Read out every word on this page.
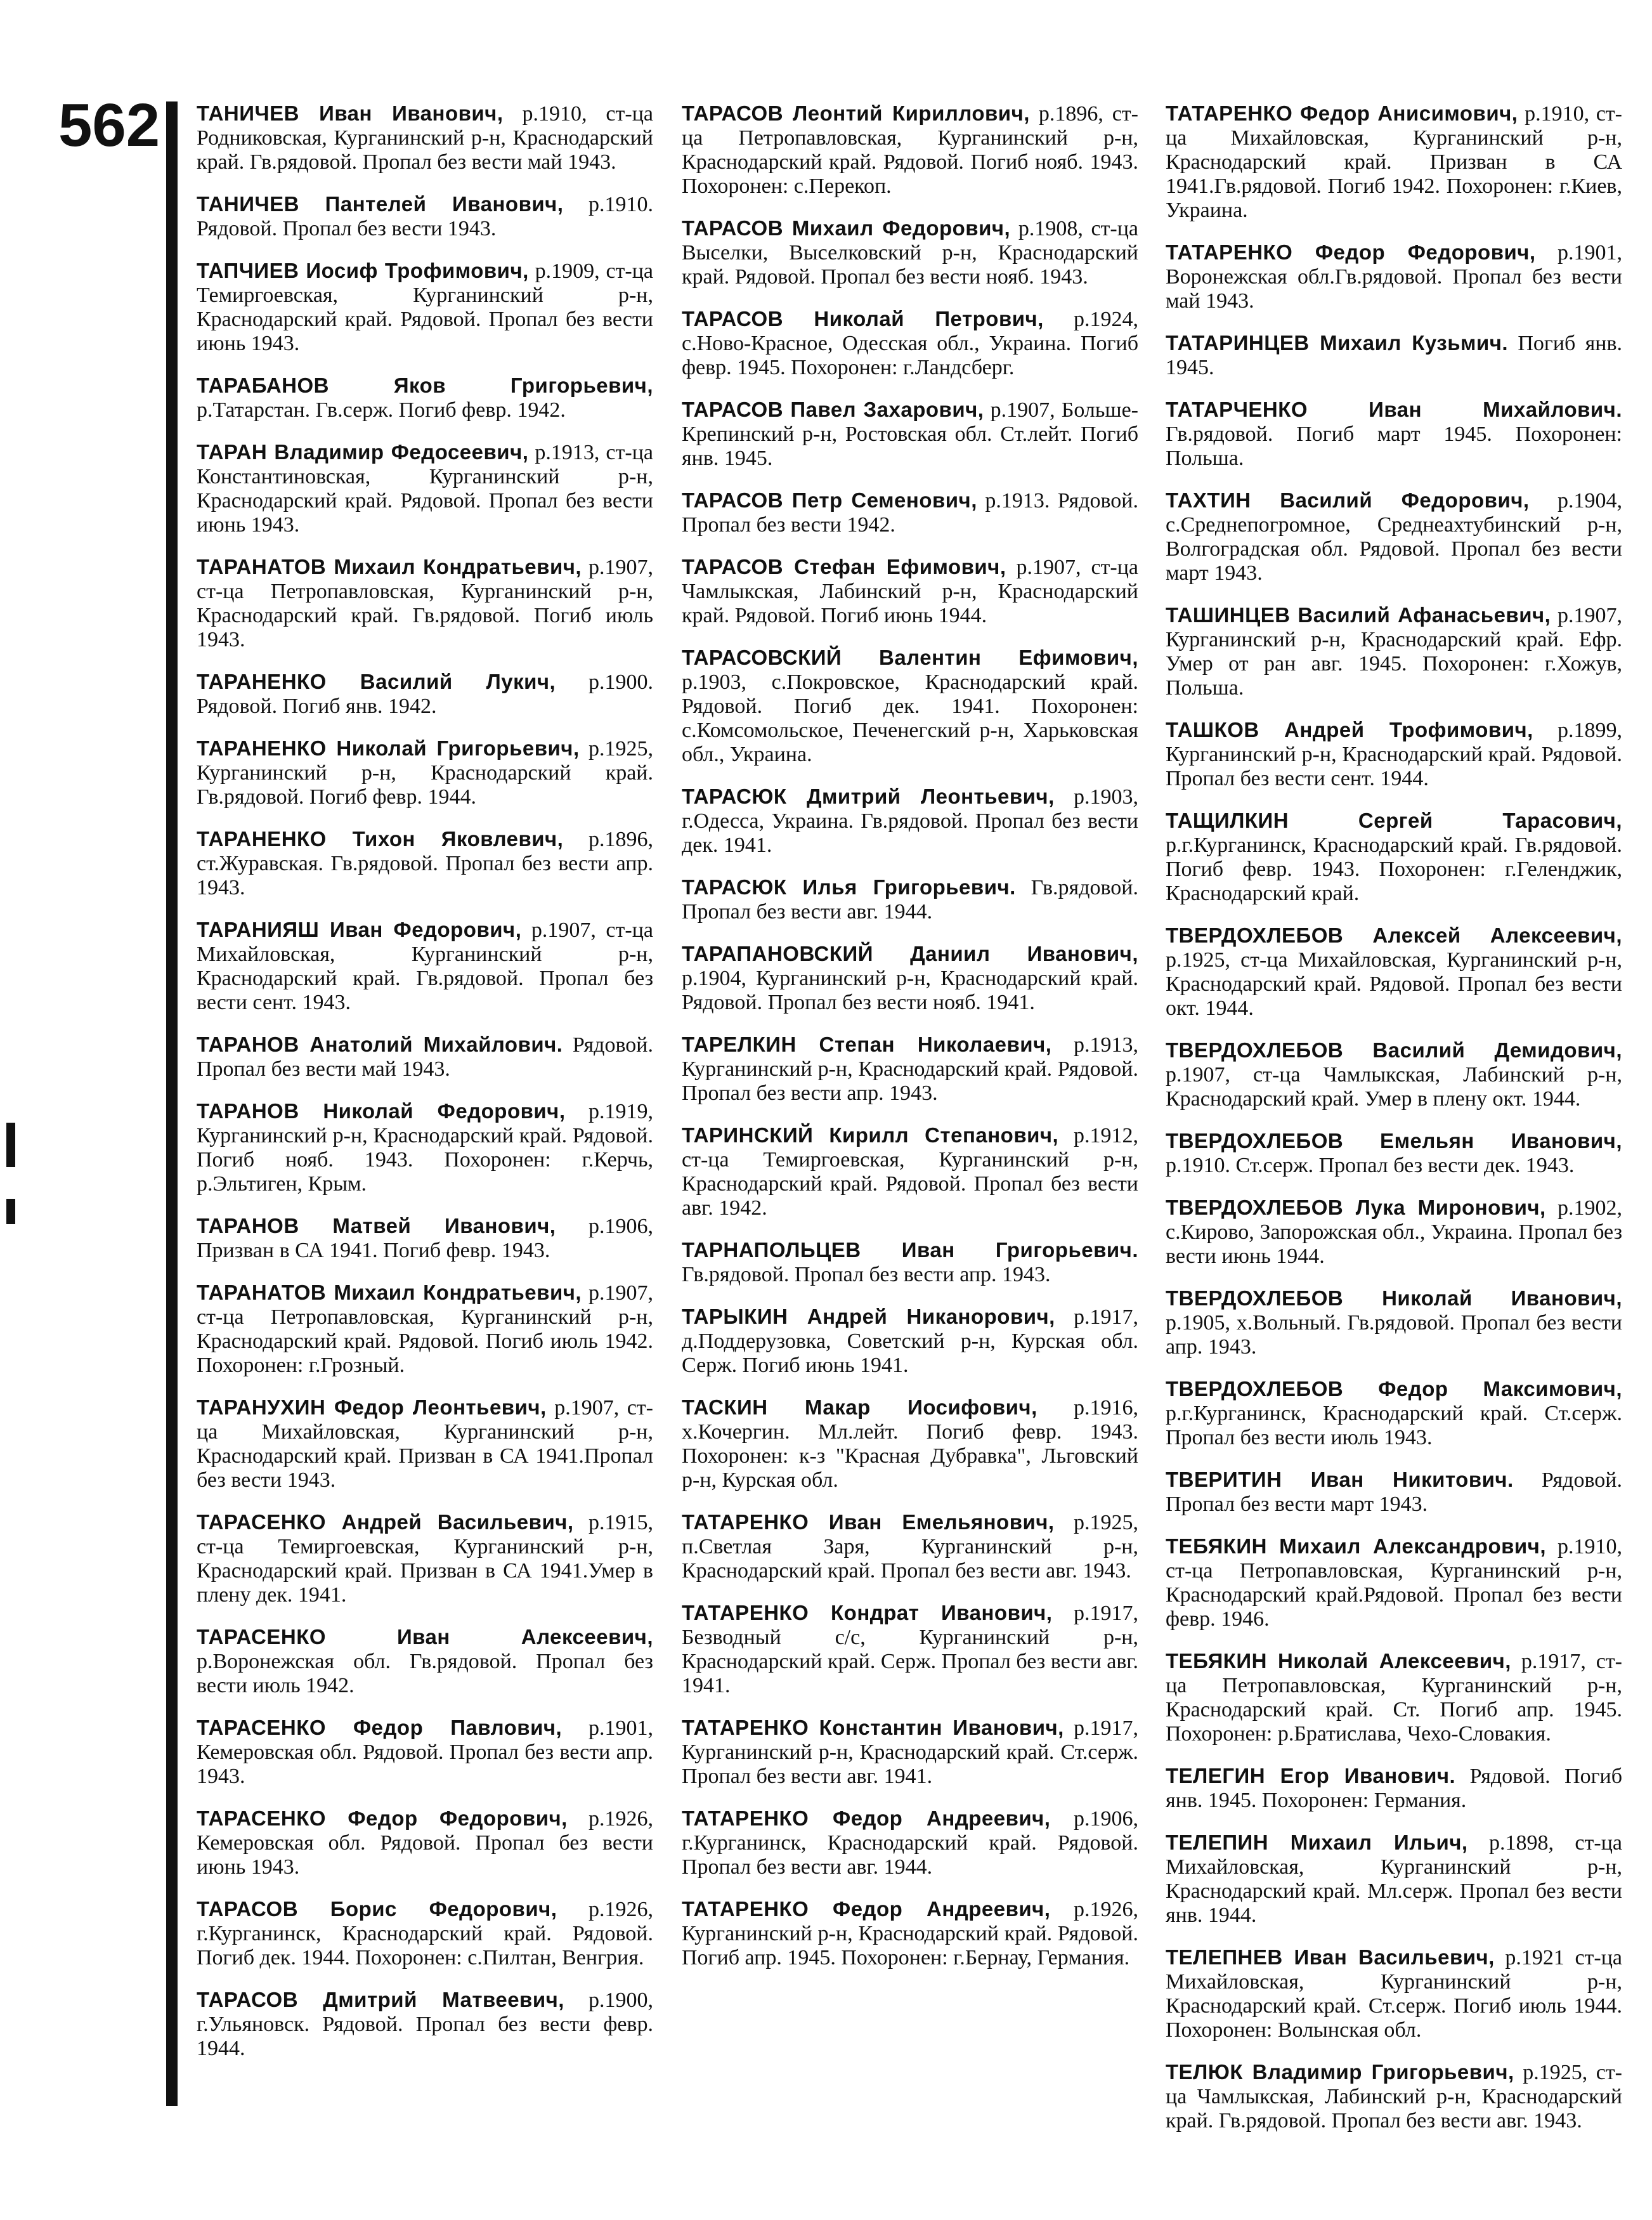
562 ТАНИЧЕВ Иван Иванович, р.1910, ст-ца Родниковская, Курганинский р-н, Краснодарский край. Гв.рядовой. Пропал без вести май 1943.

ТАНИЧЕВ Пантелей Иванович, р.1910. Рядовой. Пропал без вести 1943.

ТАПЧИЕВ Иосиф Трофимович, р.1909, ст-ца Темиргоевская, Курганинский р-н, Краснодарский край. Рядовой. Пропал без вести июнь 1943.

ТАРАБАНОВ Яков Григорьевич, р.Татарстан. Гв.серж. Погиб февр. 1942.

ТАРАН Владимир Федосеевич, р.1913, ст-ца Константиновская, Курганинский р-н, Краснодарский край. Рядовой. Пропал без вести июнь 1943.

ТАРАНАТОВ Михаил Кондратьевич, р.1907, ст-ца Петропавловская, Курганинский р-н, Краснодарский край. Гв.рядовой. Погиб июль 1943.

ТАРАНЕНКО Василий Лукич, р.1900. Рядовой. Погиб янв. 1942.

ТАРАНЕНКО Николай Григорьевич, р.1925, Курганинский р-н, Краснодарский край. Гв.рядовой. Погиб февр. 1944.

ТАРАНЕНКО Тихон Яковлевич, р.1896, ст.Журавская. Гв.рядовой. Пропал без вести апр. 1943.

ТАРАНИЯШ Иван Федорович, р.1907, ст-ца Михайловская, Курганинский р-н, Краснодарский край. Гв.рядовой. Пропал без вести сент. 1943.

ТАРАНОВ Анатолий Михайлович. Рядовой. Пропал без вести май 1943.

ТАРАНОВ Николай Федорович, р.1919, Курганинский р-н, Краснодарский край. Рядовой. Погиб нояб. 1943. Похоронен: г.Керчь, р.Эльтиген, Крым.

ТАРАНОВ Матвей Иванович, р.1906, Призван в СА 1941. Погиб февр. 1943.

ТАРАНАТОВ Михаил Кондратьевич, р.1907, ст-ца Петропавловская, Курганинский р-н, Краснодарский край. Рядовой. Погиб июль 1942. Похоронен: г.Грозный.

ТАРАНУХИН Федор Леонтьевич, р.1907, ст-ца Михайловская, Курганинский р-н, Краснодарский край. Призван в СА 1941.Пропал без вести 1943.

ТАРАСЕНКО Андрей Васильевич, р.1915, ст-ца Темиргоевская, Курганинский р-н, Краснодарский край. Призван в СА 1941.Умер в плену дек. 1941.

ТАРАСЕНКО Иван Алексеевич, р.Воронежская обл. Гв.рядовой. Пропал без вести июль 1942.

ТАРАСЕНКО Федор Павлович, р.1901, Кемеровская обл. Рядовой. Пропал без вести апр. 1943.

ТАРАСЕНКО Федор Федорович, р.1926, Кемеровская обл. Рядовой. Пропал без вести июнь 1943.

ТАРАСОВ Борис Федорович, р.1926, г.Курганинск, Краснодарский край. Рядовой. Погиб дек. 1944. Похоронен: с.Пилтан, Венгрия.

ТАРАСОВ Дмитрий Матвеевич, р.1900, г.Ульяновск. Рядовой. Пропал без вести февр. 1944.

ТАРАСОВ Леонтий Кириллович, р.1896, ст-ца Петропавловская, Курганинский р-н, Краснодарский край. Рядовой. Погиб нояб. 1943. Похоронен: с.Перекоп.

ТАРАСОВ Михаил Федорович, р.1908, ст-ца Выселки, Выселковский р-н, Краснодарский край. Рядовой. Пропал без вести нояб. 1943.

ТАРАСОВ Николай Петрович, р.1924, с.Ново-Красное, Одесская обл., Украина. Погиб февр. 1945. Похоронен: г.Ландсберг.

ТАРАСОВ Павел Захарович, р.1907, Больше-Крепинский р-н, Ростовская обл. Ст.лейт. Погиб янв. 1945.

ТАРАСОВ Петр Семенович, р.1913. Рядовой. Пропал без вести 1942.

ТАРАСОВ Стефан Ефимович, р.1907, ст-ца Чамлыкская, Лабинский р-н, Краснодарский край. Рядовой. Погиб июнь 1944.

ТАРАСОВСКИЙ Валентин Ефимович, р.1903, с.Покровское, Краснодарский край. Рядовой. Погиб дек. 1941. Похоронен: с.Комсомольское, Печенегский р-н, Харьковская обл., Украина.

ТАРАСЮК Дмитрий Леонтьевич, р.1903, г.Одесса, Украина. Гв.рядовой. Пропал без вести дек. 1941.

ТАРАСЮК Илья Григорьевич. Гв.рядовой. Пропал без вести авг. 1944.

ТАРАПАНОВСКИЙ Даниил Иванович, р.1904, Курганинский р-н, Краснодарский край. Рядовой. Пропал без вести нояб. 1941.

ТАРЕЛКИН Степан Николаевич, р.1913, Курганинский р-н, Краснодарский край. Рядовой. Пропал без вести апр. 1943.

ТАРИНСКИЙ Кирилл Степанович, р.1912, ст-ца Темиргоевская, Курганинский р-н, Краснодарский край. Рядовой. Пропал без вести авг. 1942.

ТАРНАПОЛЬЦЕВ Иван Григорьевич. Гв.рядовой. Пропал без вести апр. 1943.

ТАРЫКИН Андрей Никанорович, р.1917, д.Поддерузовка, Советский р-н, Курская обл. Серж. Погиб июнь 1941.

ТАСКИН Макар Иосифович, р.1916, х.Кочергин. Мл.лейт. Погиб февр. 1943. Похоронен: к-з "Красная Дубравка", Льговский р-н, Курская обл.

ТАТАРЕНКО Иван Емельянович, р.1925, п.Светлая Заря, Курганинский р-н, Краснодарский край. Пропал без вести авг. 1943.

ТАТАРЕНКО Кондрат Иванович, р.1917, Безводный с/с, Курганинский р-н, Краснодарский край. Серж. Пропал без вести авг. 1941.

ТАТАРЕНКО Константин Иванович, р.1917, Курганинский р-н, Краснодарский край. Ст.серж. Пропал без вести авг. 1941.

ТАТАРЕНКО Федор Андреевич, р.1906, г.Курганинск, Краснодарский край. Рядовой. Пропал без вести авг. 1944.

ТАТАРЕНКО Федор Андреевич, р.1926, Курганинский р-н, Краснодарский край. Рядовой. Погиб апр. 1945. Похоронен: г.Бернау, Германия.

ТАТАРЕНКО Федор Анисимович, р.1910, ст-ца Михайловская, Курганинский р-н, Краснодарский край. Призван в СА 1941.Гв.рядовой. Погиб 1942. Похоронен: г.Киев, Украина.

ТАТАРЕНКО Федор Федорович, р.1901, Воронежская обл.Гв.рядовой. Пропал без вести май 1943.

ТАТАРИНЦЕВ Михаил Кузьмич. Погиб янв. 1945.

ТАТАРЧЕНКО Иван Михайлович. Гв.рядовой. Погиб март 1945. Похоронен: Польша.

ТАХТИН Василий Федорович, р.1904, с.Среднепогромное, Среднеахтубинский р-н, Волгоградская обл. Рядовой. Пропал без вести март 1943.

ТАШИНЦЕВ Василий Афанасьевич, р.1907, Курганинский р-н, Краснодарский край. Ефр. Умер от ран авг. 1945. Похоронен: г.Хожув, Польша.

ТАШКОВ Андрей Трофимович, р.1899, Курганинский р-н, Краснодарский край. Рядовой. Пропал без вести сент. 1944.

ТАЩИЛКИН Сергей Тарасович, р.г.Курганинск, Краснодарский край. Гв.рядовой. Погиб февр. 1943. Похоронен: г.Геленджик, Краснодарский край.

ТВЕРДОХЛЕБОВ Алексей Алексеевич, р.1925, ст-ца Михайловская, Курганинский р-н, Краснодарский край. Рядовой. Пропал без вести окт. 1944.

ТВЕРДОХЛЕБОВ Василий Демидович, р.1907, ст-ца Чамлыкская, Лабинский р-н, Краснодарский край. Умер в плену окт. 1944.

ТВЕРДОХЛЕБОВ Емельян Иванович, р.1910. Ст.серж. Пропал без вести дек. 1943.

ТВЕРДОХЛЕБОВ Лука Миронович, р.1902, с.Кирово, Запорожская обл., Украина. Пропал без вести июнь 1944.

ТВЕРДОХЛЕБОВ Николай Иванович, р.1905, х.Вольный. Гв.рядовой. Пропал без вести апр. 1943.

ТВЕРДОХЛЕБОВ Федор Максимович, р.г.Курганинск, Краснодарский край. Ст.серж. Пропал без вести июль 1943.

ТВЕРИТИН Иван Никитович. Рядовой. Пропал без вести март 1943.

ТЕБЯКИН Михаил Александрович, р.1910, ст-ца Петропавловская, Курганинский р-н, Краснодарский край.Рядовой. Пропал без вести февр. 1946.

ТЕБЯКИН Николай Алексеевич, р.1917, ст-ца Петропавловская, Курганинский р-н, Краснодарский край. Ст. Погиб апр. 1945. Похоронен: р.Братислава, Чехо-Словакия.

ТЕЛЕГИН Егор Иванович. Рядовой. Погиб янв. 1945. Похоронен: Германия.

ТЕЛЕПИН Михаил Ильич, р.1898, ст-ца Михайловская, Курганинский р-н, Краснодарский край. Мл.серж. Пропал без вести янв. 1944.

ТЕЛЕПНЕВ Иван Васильевич, р.1921 ст-ца Михайловская, Курганинский р-н, Краснодарский край. Ст.серж. Погиб июль 1944. Похоронен: Волынская обл.

ТЕЛЮК Владимир Григорьевич, р.1925, ст-ца Чамлыкская, Лабинский р-н, Краснодарский край. Гв.рядовой. Пропал без вести авг. 1943.
